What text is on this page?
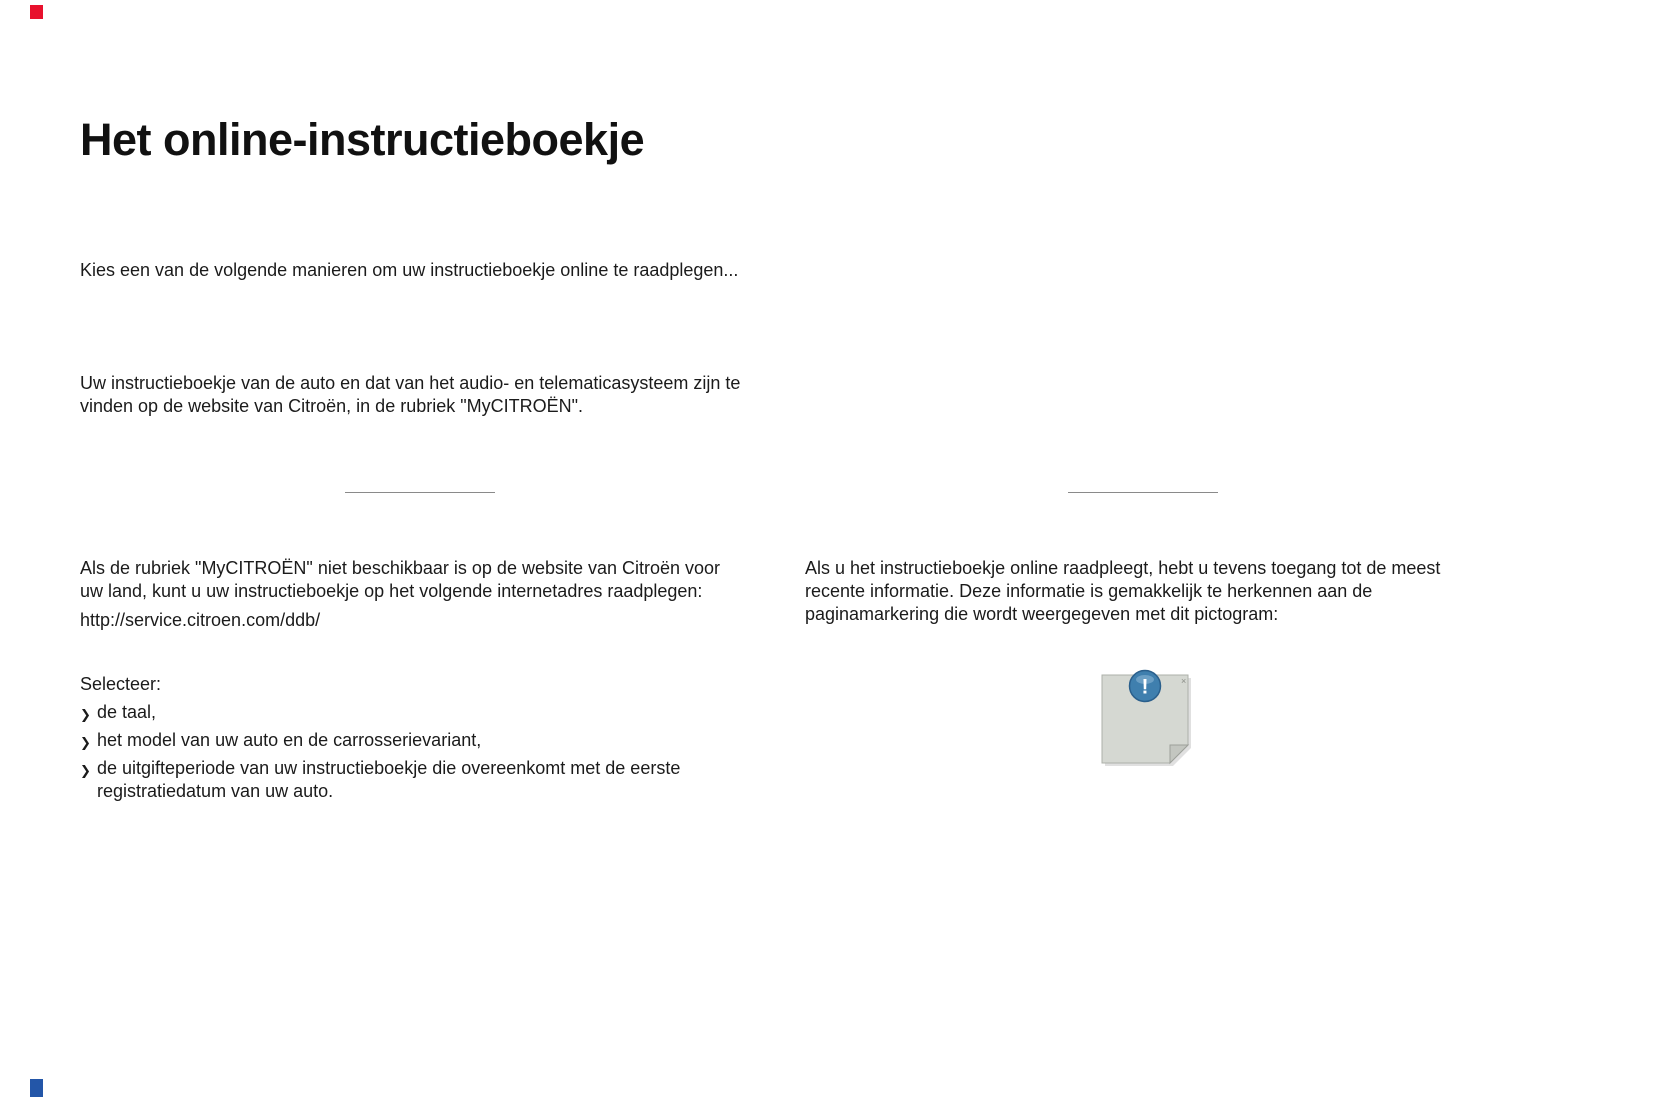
Het online-instructieboekje

Kies een van de volgende manieren om uw instructieboekje online te raadplegen...

Uw instructieboekje van de auto en dat van het audio- en telematicasysteem zijn te vinden op de website van Citroën, in de rubriek "MyCITROËN".

Als de rubriek "MyCITROËN" niet beschikbaar is op de website van Citroën voor uw land, kunt u uw instructieboekje op het volgende internetadres raadplegen:

http://service.citroen.com/ddb/

Selecteer:

❯ de taal,
❯ het model van uw auto en de carrosserievariant,
❯ de uitgifteperiode van uw instructieboekje die overeenkomt met de eerste registratiedatum van uw auto.

Als u het instructieboekje online raadpleegt, hebt u tevens toegang tot de meest recente informatie. Deze informatie is gemakkelijk te herkennen aan de paginamarkering die wordt weergegeven met dit pictogram:

×
!
